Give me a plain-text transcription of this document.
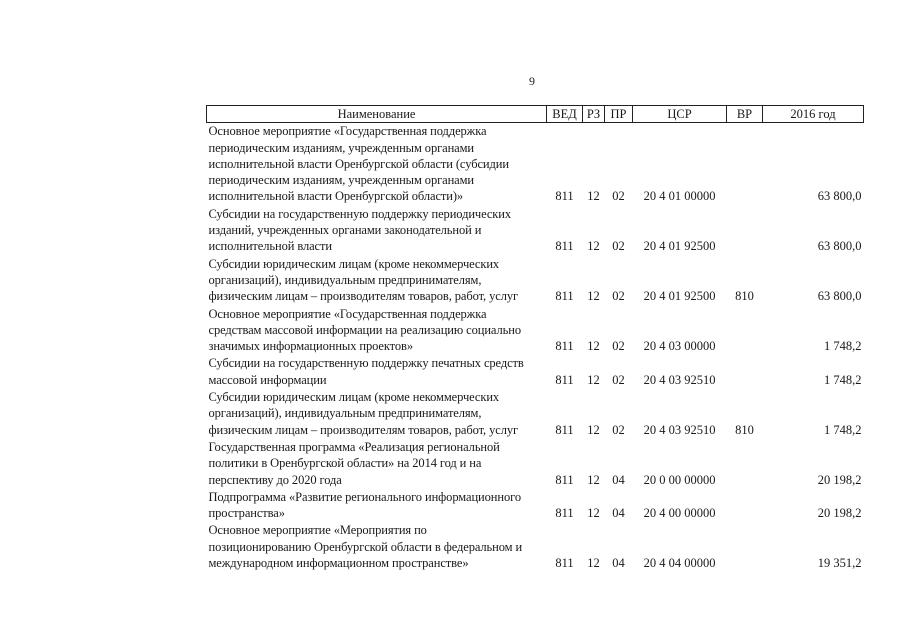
9
Наименование	ВЕД	РЗ	ПР	ЦСР	ВР	2016 год
Основное мероприятие «Государственная поддержка
периодическим изданиям, учрежденным органами
исполнительной власти Оренбургской области (субсидии
периодическим изданиям, учрежденным органами
исполнительной власти Оренбургской области)»	811	12	02	20 4 01 00000		63 800,0
Субсидии на государственную поддержку периодических
изданий, учрежденных органами законодательной и
исполнительной власти	811	12	02	20 4 01 92500		63 800,0
Субсидии юридическим лицам (кроме некоммерческих
организаций), индивидуальным предпринимателям,
физическим лицам – производителям товаров, работ, услуг	811	12	02	20 4 01 92500	810	63 800,0
Основное мероприятие «Государственная поддержка
средствам массовой информации на реализацию социально
значимых информационных проектов»	811	12	02	20 4 03 00000		1 748,2
Субсидии на государственную поддержку печатных средств
массовой информации	811	12	02	20 4 03 92510		1 748,2
Субсидии юридическим лицам (кроме некоммерческих
организаций), индивидуальным предпринимателям,
физическим лицам – производителям товаров, работ, услуг	811	12	02	20 4 03 92510	810	1 748,2
Государственная программа «Реализация региональной
политики в Оренбургской области» на 2014 год и на
перспективу до 2020 года	811	12	04	20 0 00 00000		20 198,2
Подпрограмма «Развитие регионального информационного
пространства»	811	12	04	20 4 00 00000		20 198,2
Основное мероприятие «Мероприятия по
позиционированию Оренбургской области в федеральном и
международном информационном пространстве»	811	12	04	20 4 04 00000		19 351,2
